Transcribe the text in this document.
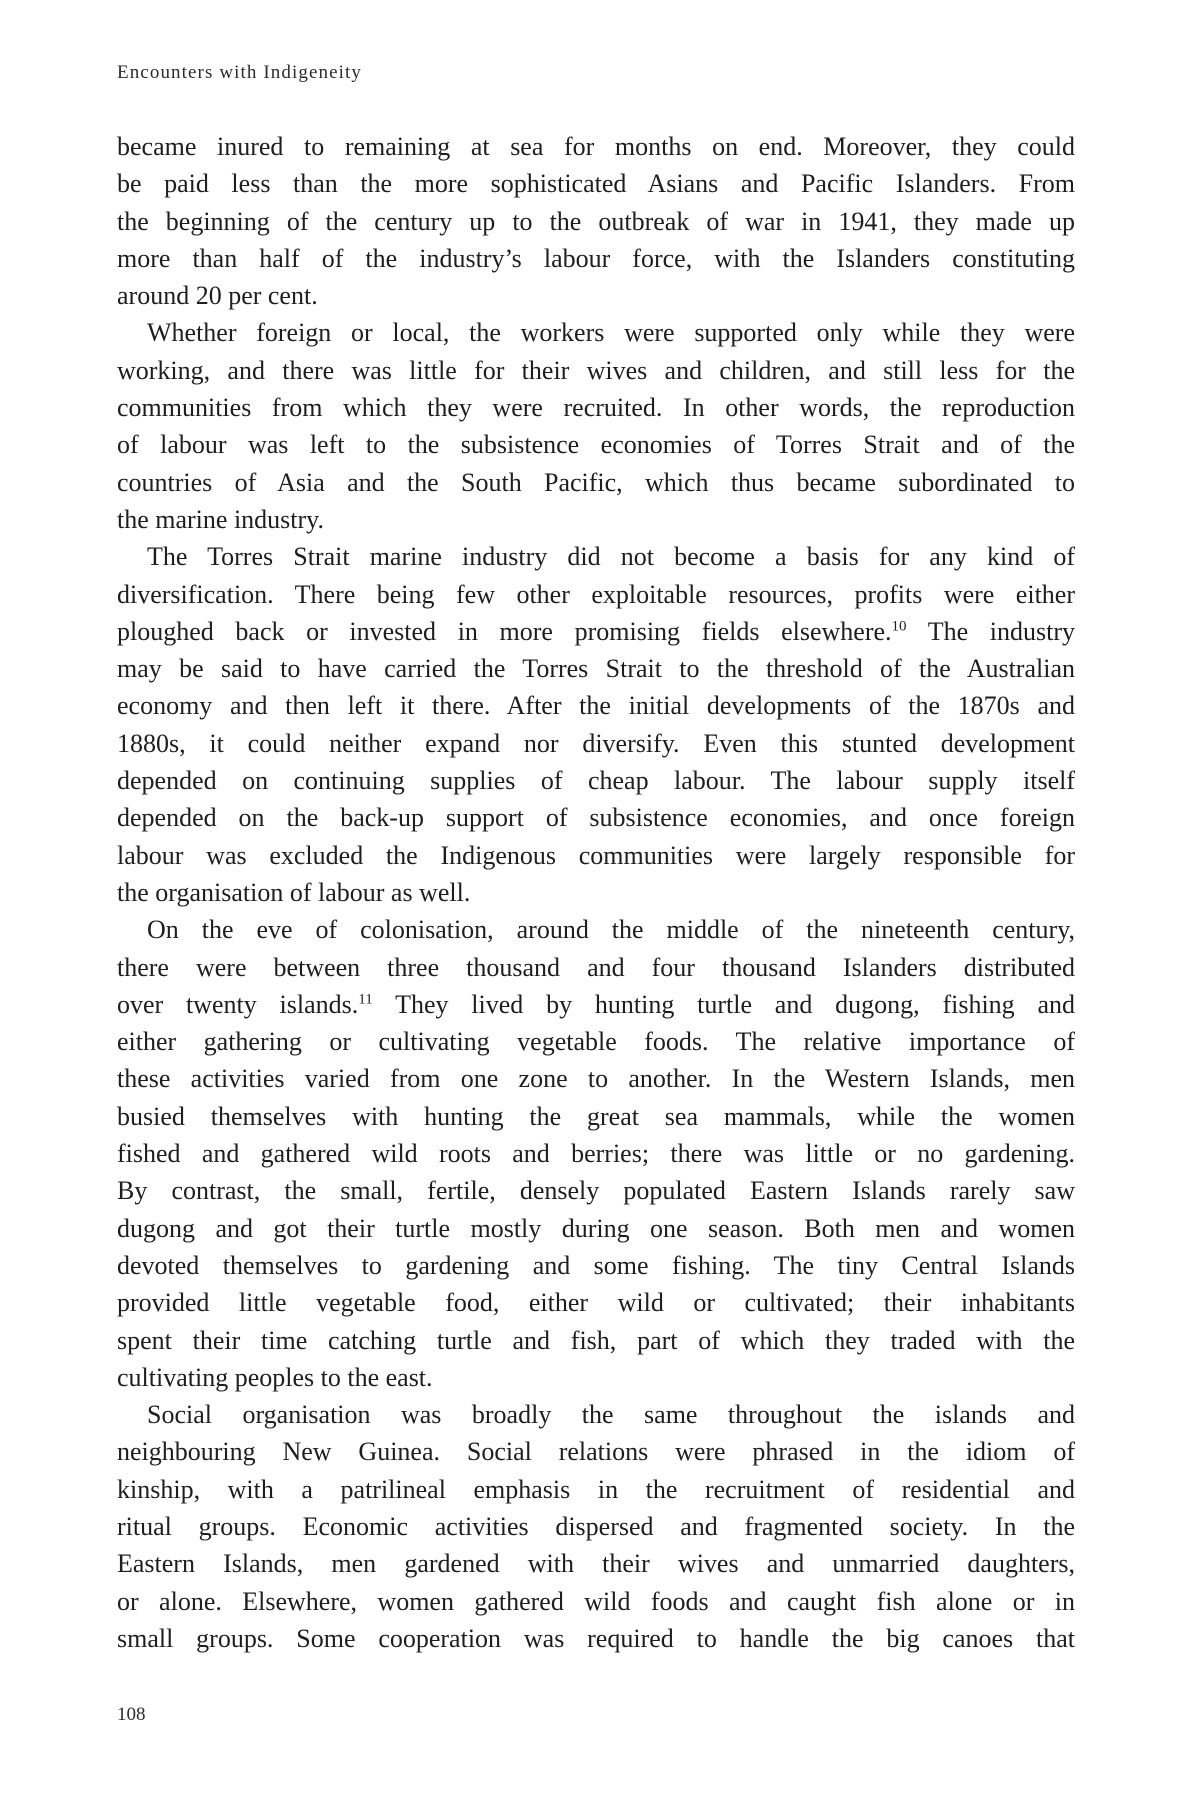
Encounters with Indigeneity
became inured to remaining at sea for months on end. Moreover, they could
be paid less than the more sophisticated Asians and Pacific Islanders. From
the beginning of the century up to the outbreak of war in 1941, they made up
more than half of the industry’s labour force, with the Islanders constituting
around 20 per cent.
Whether foreign or local, the workers were supported only while they were
working, and there was little for their wives and children, and still less for the
communities from which they were recruited. In other words, the reproduction
of labour was left to the subsistence economies of Torres Strait and of the
countries of Asia and the South Pacific, which thus became subordinated to
the marine industry.
The Torres Strait marine industry did not become a basis for any kind of
diversification. There being few other exploitable resources, profits were either
ploughed back or invested in more promising fields elsewhere.$^{10}$ The industry
may be said to have carried the Torres Strait to the threshold of the Australian
economy and then left it there. After the initial developments of the 1870s and
1880s, it could neither expand nor diversify. Even this stunted development
depended on continuing supplies of cheap labour. The labour supply itself
depended on the back-up support of subsistence economies, and once foreign
labour was excluded the Indigenous communities were largely responsible for
the organisation of labour as well.
On the eve of colonisation, around the middle of the nineteenth century,
there were between three thousand and four thousand Islanders distributed
over twenty islands.$^{11}$ They lived by hunting turtle and dugong, fishing and
either gathering or cultivating vegetable foods. The relative importance of
these activities varied from one zone to another. In the Western Islands, men
busied themselves with hunting the great sea mammals, while the women
fished and gathered wild roots and berries; there was little or no gardening.
By contrast, the small, fertile, densely populated Eastern Islands rarely saw
dugong and got their turtle mostly during one season. Both men and women
devoted themselves to gardening and some fishing. The tiny Central Islands
provided little vegetable food, either wild or cultivated; their inhabitants
spent their time catching turtle and fish, part of which they traded with the
cultivating peoples to the east.
Social organisation was broadly the same throughout the islands and
neighbouring New Guinea. Social relations were phrased in the idiom of
kinship, with a patrilineal emphasis in the recruitment of residential and
ritual groups. Economic activities dispersed and fragmented society. In the
Eastern Islands, men gardened with their wives and unmarried daughters,
or alone. Elsewhere, women gathered wild foods and caught fish alone or in
small groups. Some cooperation was required to handle the big canoes that
108
